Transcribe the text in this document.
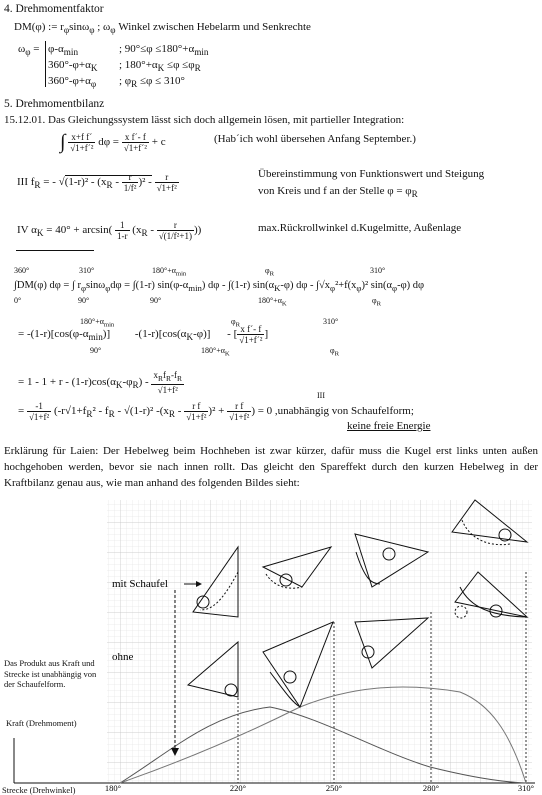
4. Drehmomentfaktor
DM(φ) := $r_\varphi\sin\omega_\varphi$ ; $\omega_\varphi$ Winkel zwischen Hebelarm und Senkrechte
$\omega_\varphi = \varphi-\alpha_{min}$	; $90^\circ\le\varphi \le 180^\circ+\alpha_{min}$
$360^\circ-\varphi+\alpha_K$ ; $180^\circ+\alpha_K \le\varphi \le\varphi_R$
$360^\circ-\varphi+\alpha_\varphi$ ; $\varphi_R \le\varphi \le 310^\circ$
5. Drehmomentbilanz
15.12.01. Das Gleichungssystem lässt sich doch allgemein lösen, mit partieller Integration:
∫ $\frac{\text{x+f f´}}{\text{√1+f´²}}$ $d\varphi = \frac{\text{x f´- f}}{\text{√1+f´²}} + c$	(Hab´ich wohl übersehen Anfang September.)
III $f_R$ = - $√(1-r)^2 - (x_R - \frac{r}{\text{1/f²}} )^2 - \frac{r}{\text{√1+f²}}$	Übereinstimmung von Funktionswert und Steigung
von Kreis und f an der Stelle $\varphi = \varphi_R$
IV $\alpha_K = 40^\circ + \arcsin( \frac{1}{1-r} (x_R - \frac{r}{\text{√(1/f²+1)}}$ ))	max.Rückrollwinkel d.Kugelmitte, Außenlage
360°
0°
310°
90°
$180^\circ+\alpha_{min}$
90°
$\varphi_R$
$180^\circ+\alpha_K$
310°
$\varphi_R$
∫DM(φ) dφ = ∫ $r_\varphi\sin\omega_\varphi d\varphi = \int(1-r)$ $\sin(\varphi-\alpha_{min})$ dφ - ∫(1-r) $\sin(\alpha_K-\varphi)$ $d\varphi - \int√x_\varphi^2+f(x_\varphi)^2$ $\sin(\alpha_\varphi-\varphi)$ dφ
$180^\circ+\alpha_{min}$
90°
$\varphi_R$
$180^\circ+\alpha_K$
310°
$\varphi_R$
= $-(1-r)[\cos(\varphi-\alpha_{min})]$ $-(1-r)[\cos(\alpha_K-\varphi)]$ - [ $\frac{\text{x f´- f}}{\text{√1+f´²}}$ ]
= $1 - 1 + r - (1-r)\cos(\alpha_K-\varphi_R) - \frac{x_Rf_R-f_R}{\text{√1+f²}}$
III
= $\frac{-1}{\text{√1+f²}} (-r√1+f_R^2 - f_R - √(1-r)^2$ $-(x_R - \frac{\text{r f}}{\text{√1+f²}} )^2 + \frac{\text{r f}}{\text{√1+f²}}$ ) = 0 ,unabhängig von Schaufelform;
keine freie Energie
Erklärung für Laien: Der Hebelweg beim Hochheben ist zwar kürzer, dafür muss die Kugel erst links unten außen hochgehoben werden, bevor sie nach innen rollt. Das gleicht den Spareffekt durch den kurzen Hebelweg in der Kraftbilanz genau aus, wie man anhand des folgenden Bildes sieht:
mit Schaufel
ohne
180°	220°	250°	280°	310°
Das Produkt aus Kraft und Strecke ist unabhängig von der Schaufelform.
Kraft (Drehmoment)
Strecke (Drehwinkel)
